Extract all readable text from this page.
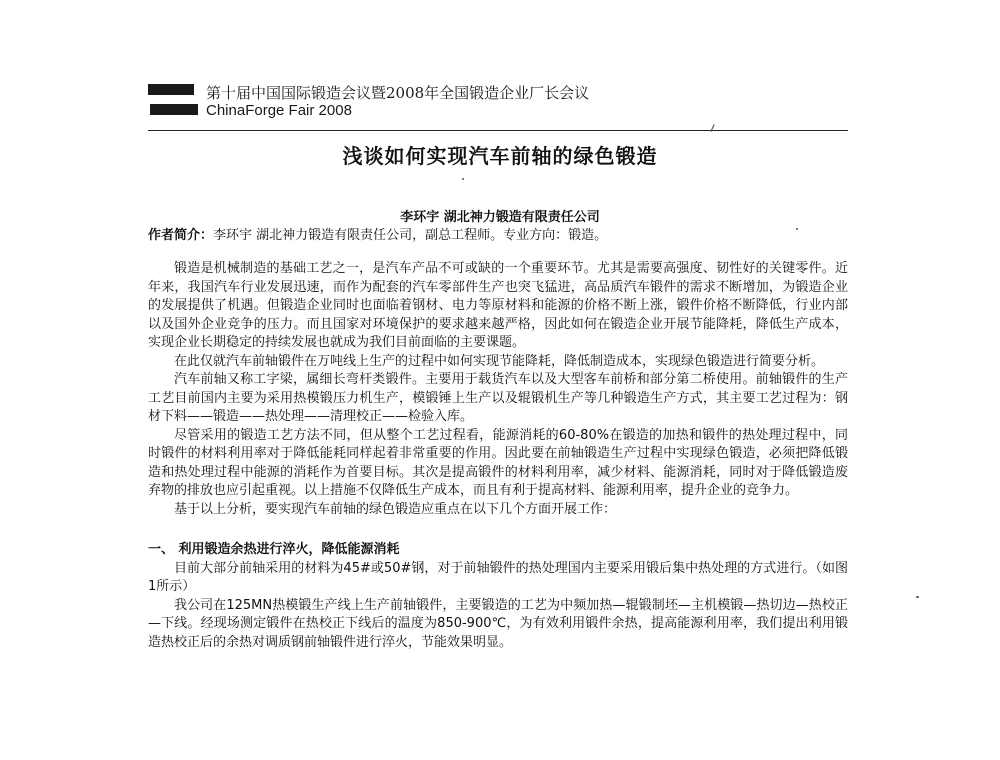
第十届中国国际锻造会议暨2008年全国锻造企业厂长会议
ChinaForge Fair 2008
浅谈如何实现汽车前轴的绿色锻造
李环宇 湖北神力锻造有限责任公司
作者简介：李环宇 湖北神力锻造有限责任公司，副总工程师。专业方向：锻造。

锻造是机械制造的基础工艺之一，是汽车产品不可或缺的一个重要环节。尤其是需要高强度、韧性好的关键零件。近年来，我国汽车行业发展迅速，而作为配套的汽车零部件生产也突飞猛进，高品质汽车锻件的需求不断增加，为锻造企业的发展提供了机遇。但锻造企业同时也面临着钢材、电力等原材料和能源的价格不断上涨，锻件价格不断降低，行业内部以及国外企业竞争的压力。而且国家对环境保护的要求越来越严格，因此如何在锻造企业开展节能降耗，降低生产成本，实现企业长期稳定的持续发展也就成为我们目前面临的主要课题。

在此仅就汽车前轴锻件在万吨线上生产的过程中如何实现节能降耗，降低制造成本，实现绿色锻造进行简要分析。

汽车前轴又称工字梁，属细长弯杆类锻件。主要用于载货汽车以及大型客车前桥和部分第二桥使用。前轴锻件的生产工艺目前国内主要为采用热模锻压力机生产，模锻锤上生产以及辊锻机生产等几种锻造生产方式，其主要工艺过程为：钢材下料——锻造——热处理——清理校正——检验入库。

尽管采用的锻造工艺方法不同，但从整个工艺过程看，能源消耗的60-80%在锻造的加热和锻件的热处理过程中，同时锻件的材料利用率对于降低能耗同样起着非常重要的作用。因此要在前轴锻造生产过程中实现绿色锻造，必须把降低锻造和热处理过程中能源的消耗作为首要目标。其次是提高锻件的材料利用率，减少材料、能源消耗，同时对于降低锻造废弃物的排放也应引起重视。以上措施不仅降低生产成本，而且有利于提高材料、能源利用率，提升企业的竞争力。

基于以上分析，要实现汽车前轴的绿色锻造应重点在以下几个方面开展工作：

一、 利用锻造余热进行淬火，降低能源消耗

目前大部分前轴采用的材料为45#或50#钢，对于前轴锻件的热处理国内主要采用锻后集中热处理的方式进行。（如图1所示）

我公司在125MN热模锻生产线上生产前轴锻件，主要锻造的工艺为中频加热—辊锻制坯—主机模锻—热切边—热校正—下线。经现场测定锻件在热校正下线后的温度为850-900℃，为有效利用锻件余热，提高能源利用率，我们提出利用锻造热校正后的余热对调质钢前轴锻件进行淬火，节能效果明显。
